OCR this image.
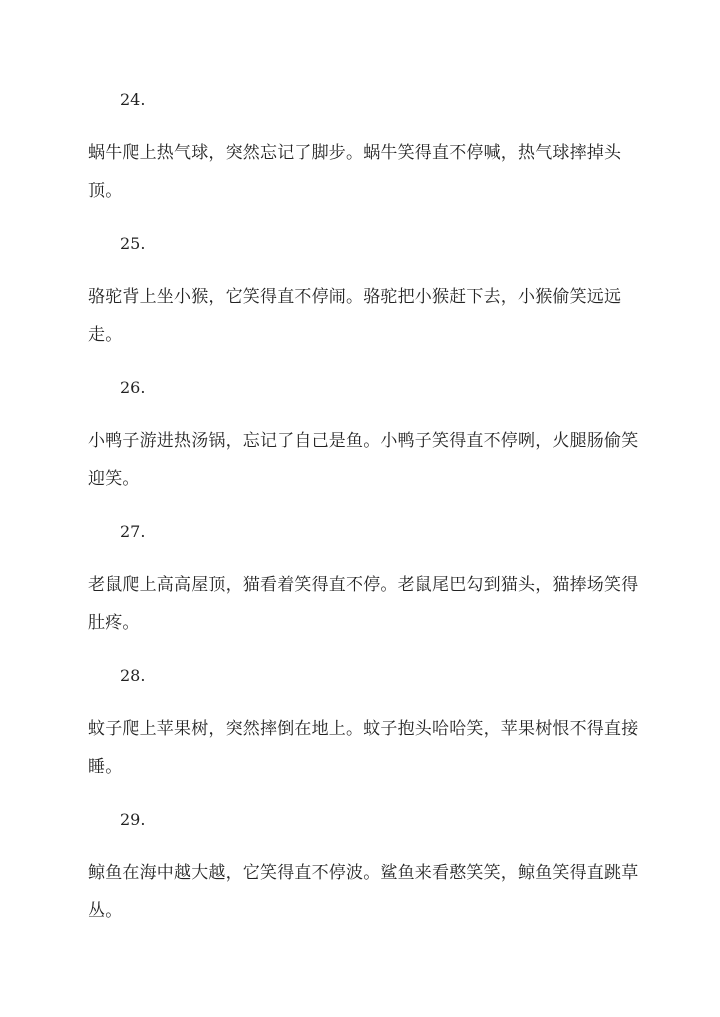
24.
蜗牛爬上热气球，突然忘记了脚步。蜗牛笑得直不停喊，热气球摔掉头顶。
25.
骆驼背上坐小猴，它笑得直不停闹。骆驼把小猴赶下去，小猴偷笑远远走。
26.
小鸭子游进热汤锅，忘记了自己是鱼。小鸭子笑得直不停咧，火腿肠偷笑迎笑。
27.
老鼠爬上高高屋顶，猫看着笑得直不停。老鼠尾巴勾到猫头，猫捧场笑得肚疼。
28.
蚊子爬上苹果树，突然摔倒在地上。蚊子抱头哈哈笑，苹果树恨不得直接睡。
29.
鲸鱼在海中越大越，它笑得直不停波。鲨鱼来看憨笑笑，鲸鱼笑得直跳草丛。
